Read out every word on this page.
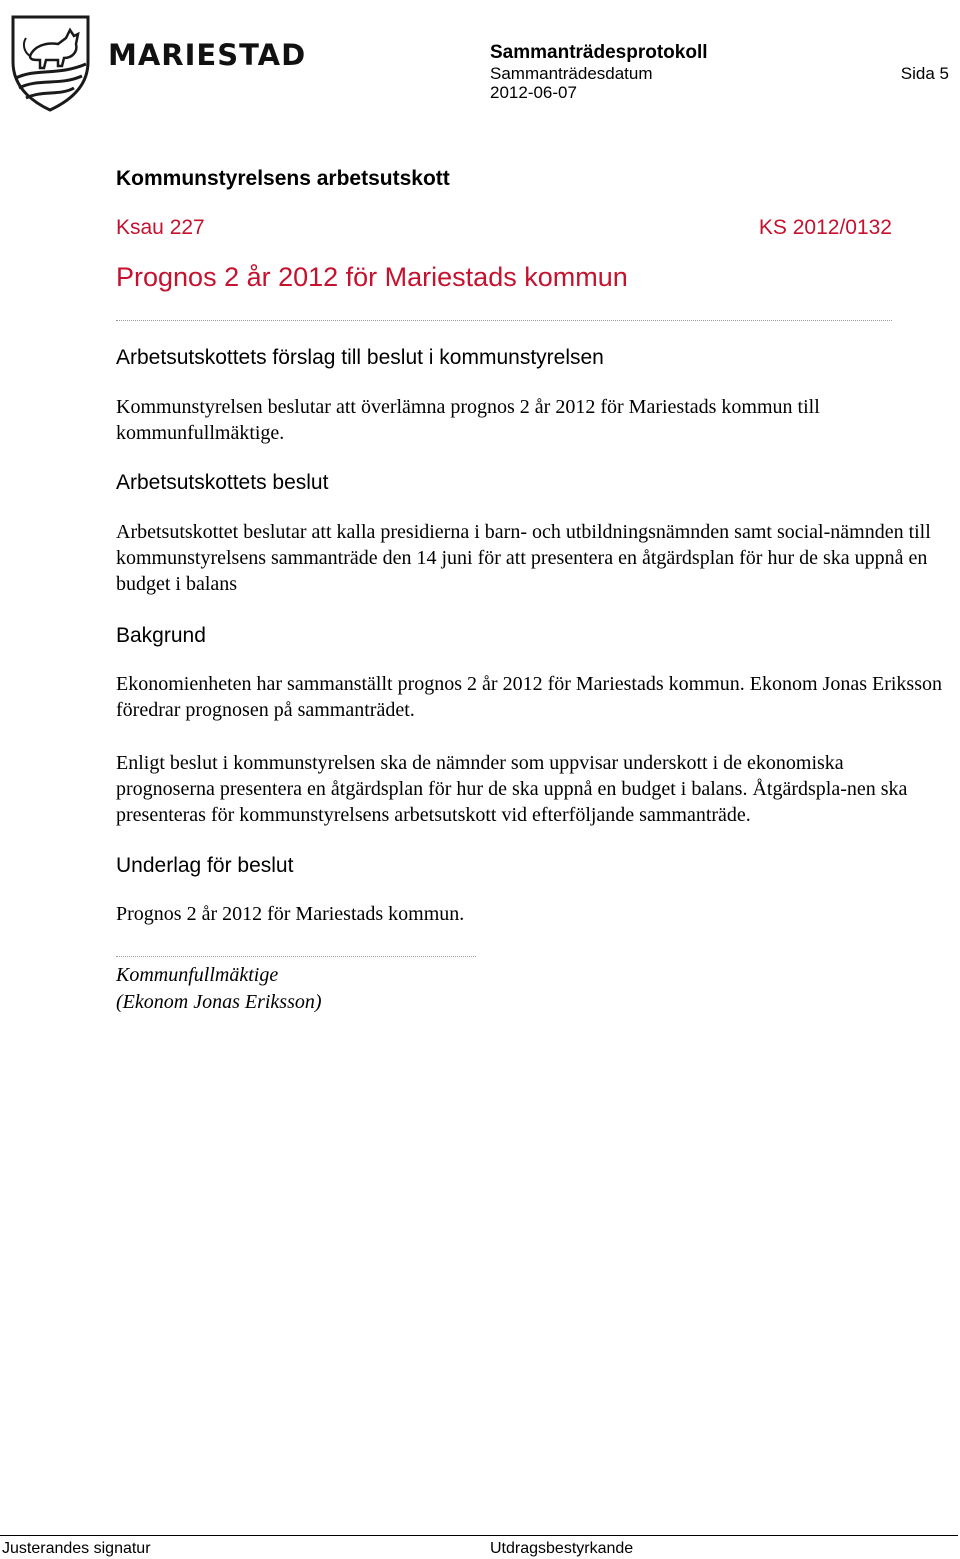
MARIESTAD	Sammanträdesprotokoll
Sammanträdesdatum	Sida 5
2012-06-07
Kommunstyrelsens arbetsutskott
Ksau 227	KS 2012/0132
Prognos 2 år 2012 för Mariestads kommun
Arbetsutskottets förslag till beslut i kommunstyrelsen
Kommunstyrelsen beslutar att överlämna prognos 2 år 2012 för Mariestads kommun till kommunfullmäktige.
Arbetsutskottets beslut
Arbetsutskottet beslutar att kalla presidierna i barn- och utbildningsnämnden samt social-nämnden till kommunstyrelsens sammanträde den 14 juni för att presentera en åtgärdsplan för hur de ska uppnå en budget i balans
Bakgrund
Ekonomienheten har sammanställt prognos 2 år 2012 för Mariestads kommun. Ekonom Jonas Eriksson föredrar prognosen på sammanträdet.
Enligt beslut i kommunstyrelsen ska de nämnder som uppvisar underskott i de ekonomiska prognoserna presentera en åtgärdsplan för hur de ska uppnå en budget i balans. Åtgärdspla-nen ska presenteras för kommunstyrelsens arbetsutskott vid efterföljande sammanträde.
Underlag för beslut
Prognos 2 år 2012 för Mariestads kommun.
Kommunfullmäktige
(Ekonom Jonas Eriksson)
Justerandes signatur	Utdragsbestyrkande
